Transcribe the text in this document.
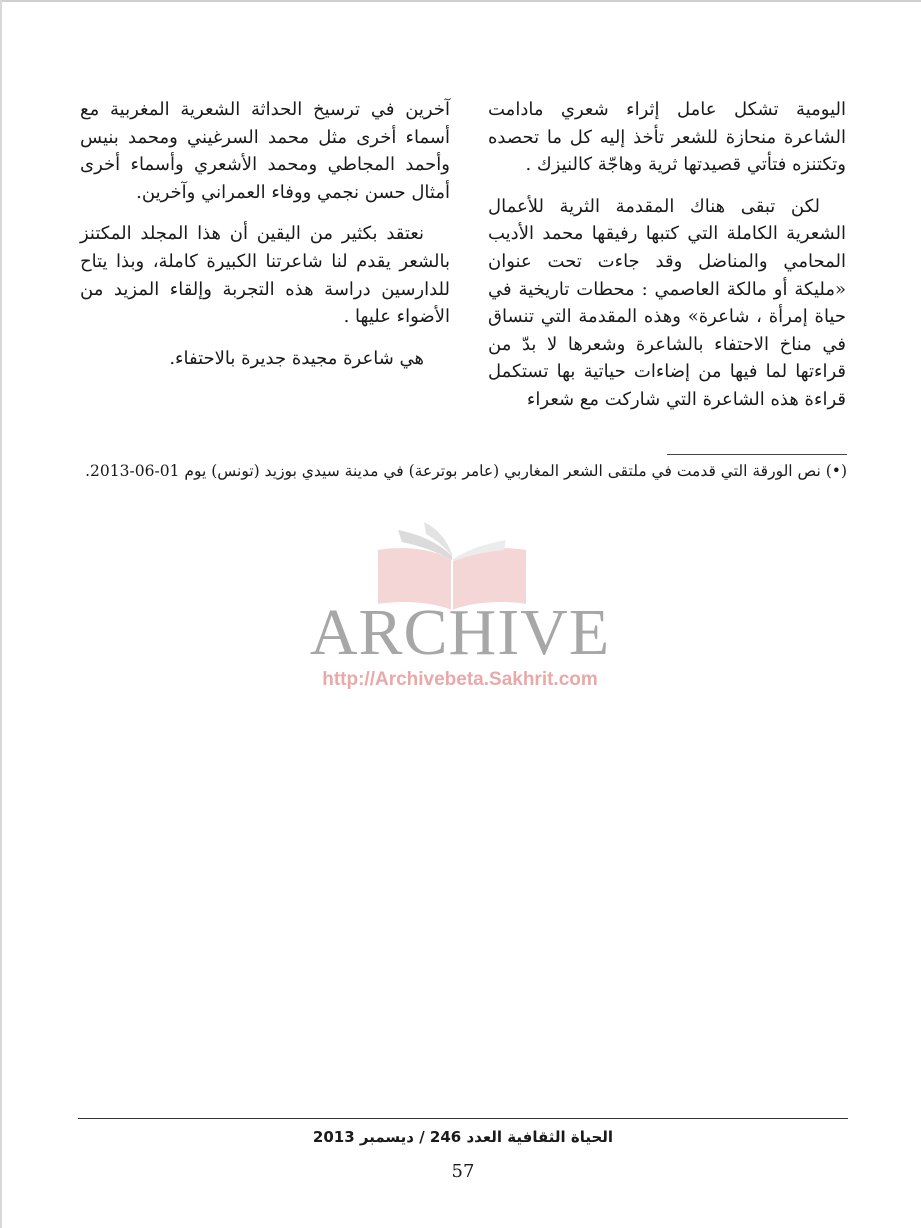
اليومية تشكل عامل إثراء شعري مادامت الشاعرة منحازة للشعر تأخذ إليه كل ما تحصده وتكتنزه فتأتي قصيدتها ثرية وهاجّة كالنيزك .

لكن تبقى هناك المقدمة الثرية للأعمال الشعرية الكاملة التي كتبها رفيقها محمد الأديب المحامي والمناضل وقد جاءت تحت عنوان «مليكة أو مالكة العاصمي : محطات تاريخية في حياة إمرأة ، شاعرة» وهذه المقدمة التي تنساق في مناخ الاحتفاء بالشاعرة وشعرها لا بدّ من قراءتها لما فيها من إضاءات حياتية بها تستكمل قراءة هذه الشاعرة التي شاركت مع شعراء

آخرين في ترسيخ الحداثة الشعرية المغربية مع أسماء أخرى مثل محمد السرغيني ومحمد بنيس وأحمد المجاطي ومحمد الأشعري وأسماء أخرى أمثال حسن نجمي ووفاء العمراني وآخرين.

نعتقد بكثير من اليقين أن هذا المجلد المكتنز بالشعر يقدم لنا شاعرتنا الكبيرة كاملة، وبذا يتاح للدارسين دراسة هذه التجربة وإلقاء المزيد من الأضواء عليها .

هي شاعرة مجيدة جديرة بالاحتفاء.

(•) نص الورقة التي قدمت في ملتقى الشعر المغاربي (عامر بوترعة) في مدينة سيدي بوزيد (تونس) يوم 01-06-2013.
ARCHIVE
http://Archivebeta.Sakhrit.com
الحياة الثقافية العدد 246 / ديسمبر 2013
57
